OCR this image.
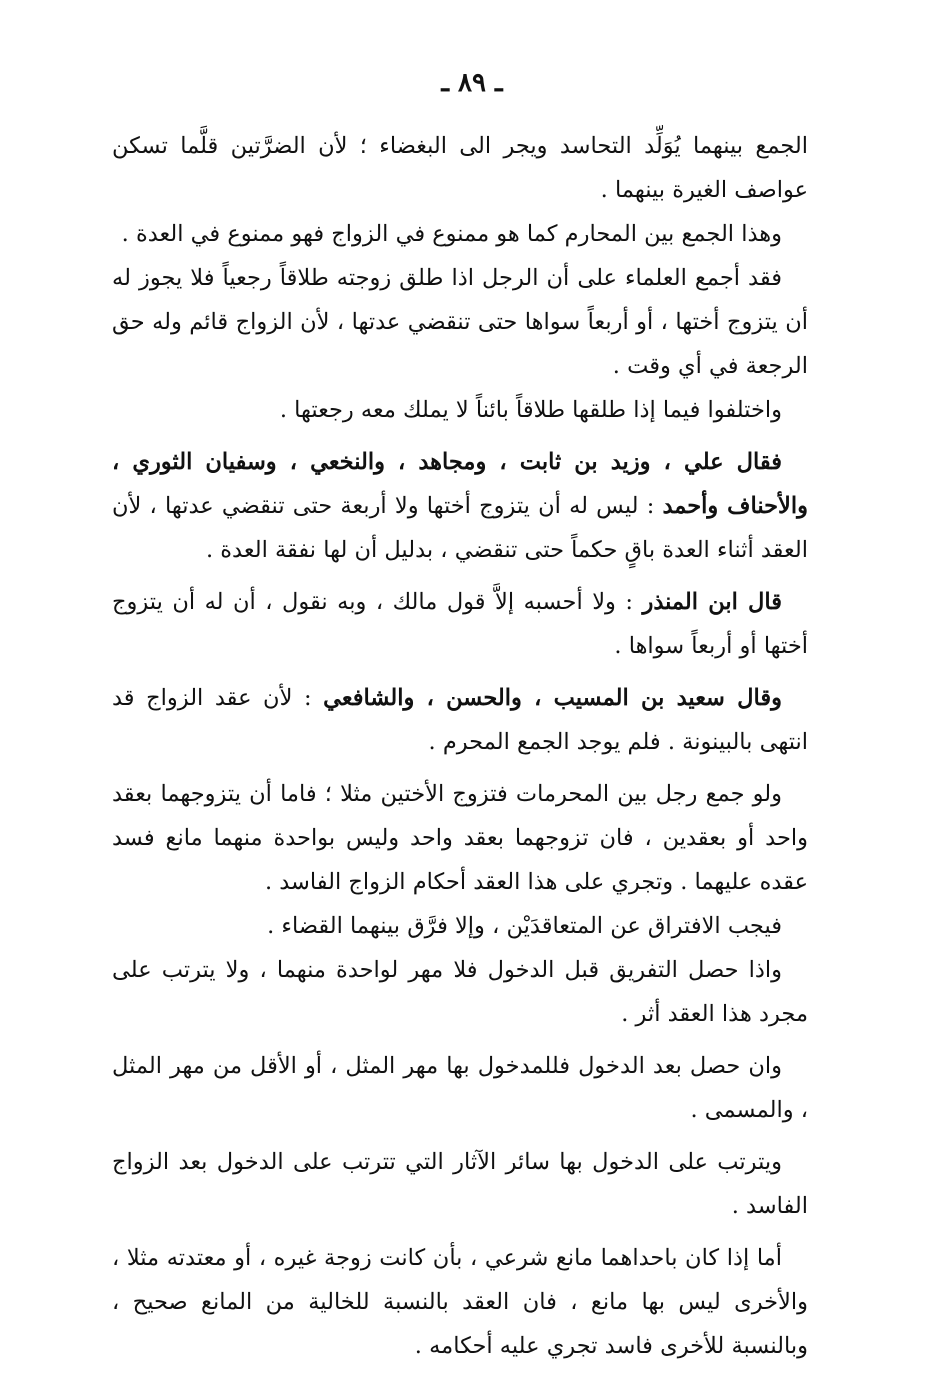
ـ ٨٩ ـ

الجمع بينهما يُوَلِّد التحاسد ويجر الى البغضاء ؛ لأن الضرَّتين قلَّما تسكن عواصف الغيرة بينهما .

وهذا الجمع بين المحارم كما هو ممنوع في الزواج فهو ممنوع في العدة .

فقد أجمع العلماء على أن الرجل اذا طلق زوجته طلاقاً رجعياً فلا يجوز له أن يتزوج أختها ، أو أربعاً سواها حتى تنقضي عدتها ، لأن الزواج قائم وله حق الرجعة في أي وقت .

واختلفوا فيما إذا طلقها طلاقاً بائناً لا يملك معه رجعتها .

فقال علي ، وزيد بن ثابت ، ومجاهد ، والنخعي ، وسفيان الثوري ، والأحناف وأحمد : ليس له أن يتزوج أختها ولا أربعة حتى تنقضي عدتها ، لأن العقد أثناء العدة باقٍ حكماً حتى تنقضي ، بدليل أن لها نفقة العدة .

قال ابن المنذر : ولا أحسبه إلاَّ قول مالك ، وبه نقول ، أن له أن يتزوج أختها أو أربعاً سواها .

وقال سعيد بن المسيب ، والحسن ، والشافعي : لأن عقد الزواج قد انتهى بالبينونة . فلم يوجد الجمع المحرم .

ولو جمع رجل بين المحرمات فتزوج الأختين مثلا ؛ فاما أن يتزوجهما بعقد واحد أو بعقدين ، فان تزوجهما بعقد واحد وليس بواحدة منهما مانع فسد عقده عليهما . وتجري على هذا العقد أحكام الزواج الفاسد .

فيجب الافتراق عن المتعاقدَيْن ، وإلا فرَّق بينهما القضاء .

واذا حصل التفريق قبل الدخول فلا مهر لواحدة منهما ، ولا يترتب على مجرد هذا العقد أثر .

وان حصل بعد الدخول فللمدخول بها مهر المثل ، أو الأقل من مهر المثل ، والمسمى .

ويترتب على الدخول بها سائر الآثار التي تترتب على الدخول بعد الزواج الفاسد .

أما إذا كان باحداهما مانع شرعي ، بأن كانت زوجة غيره ، أو معتدته مثلا ، والأخرى ليس بها مانع ، فان العقد بالنسبة للخالية من المانع صحيح ، وبالنسبة للأخرى فاسد تجري عليه أحكامه .
